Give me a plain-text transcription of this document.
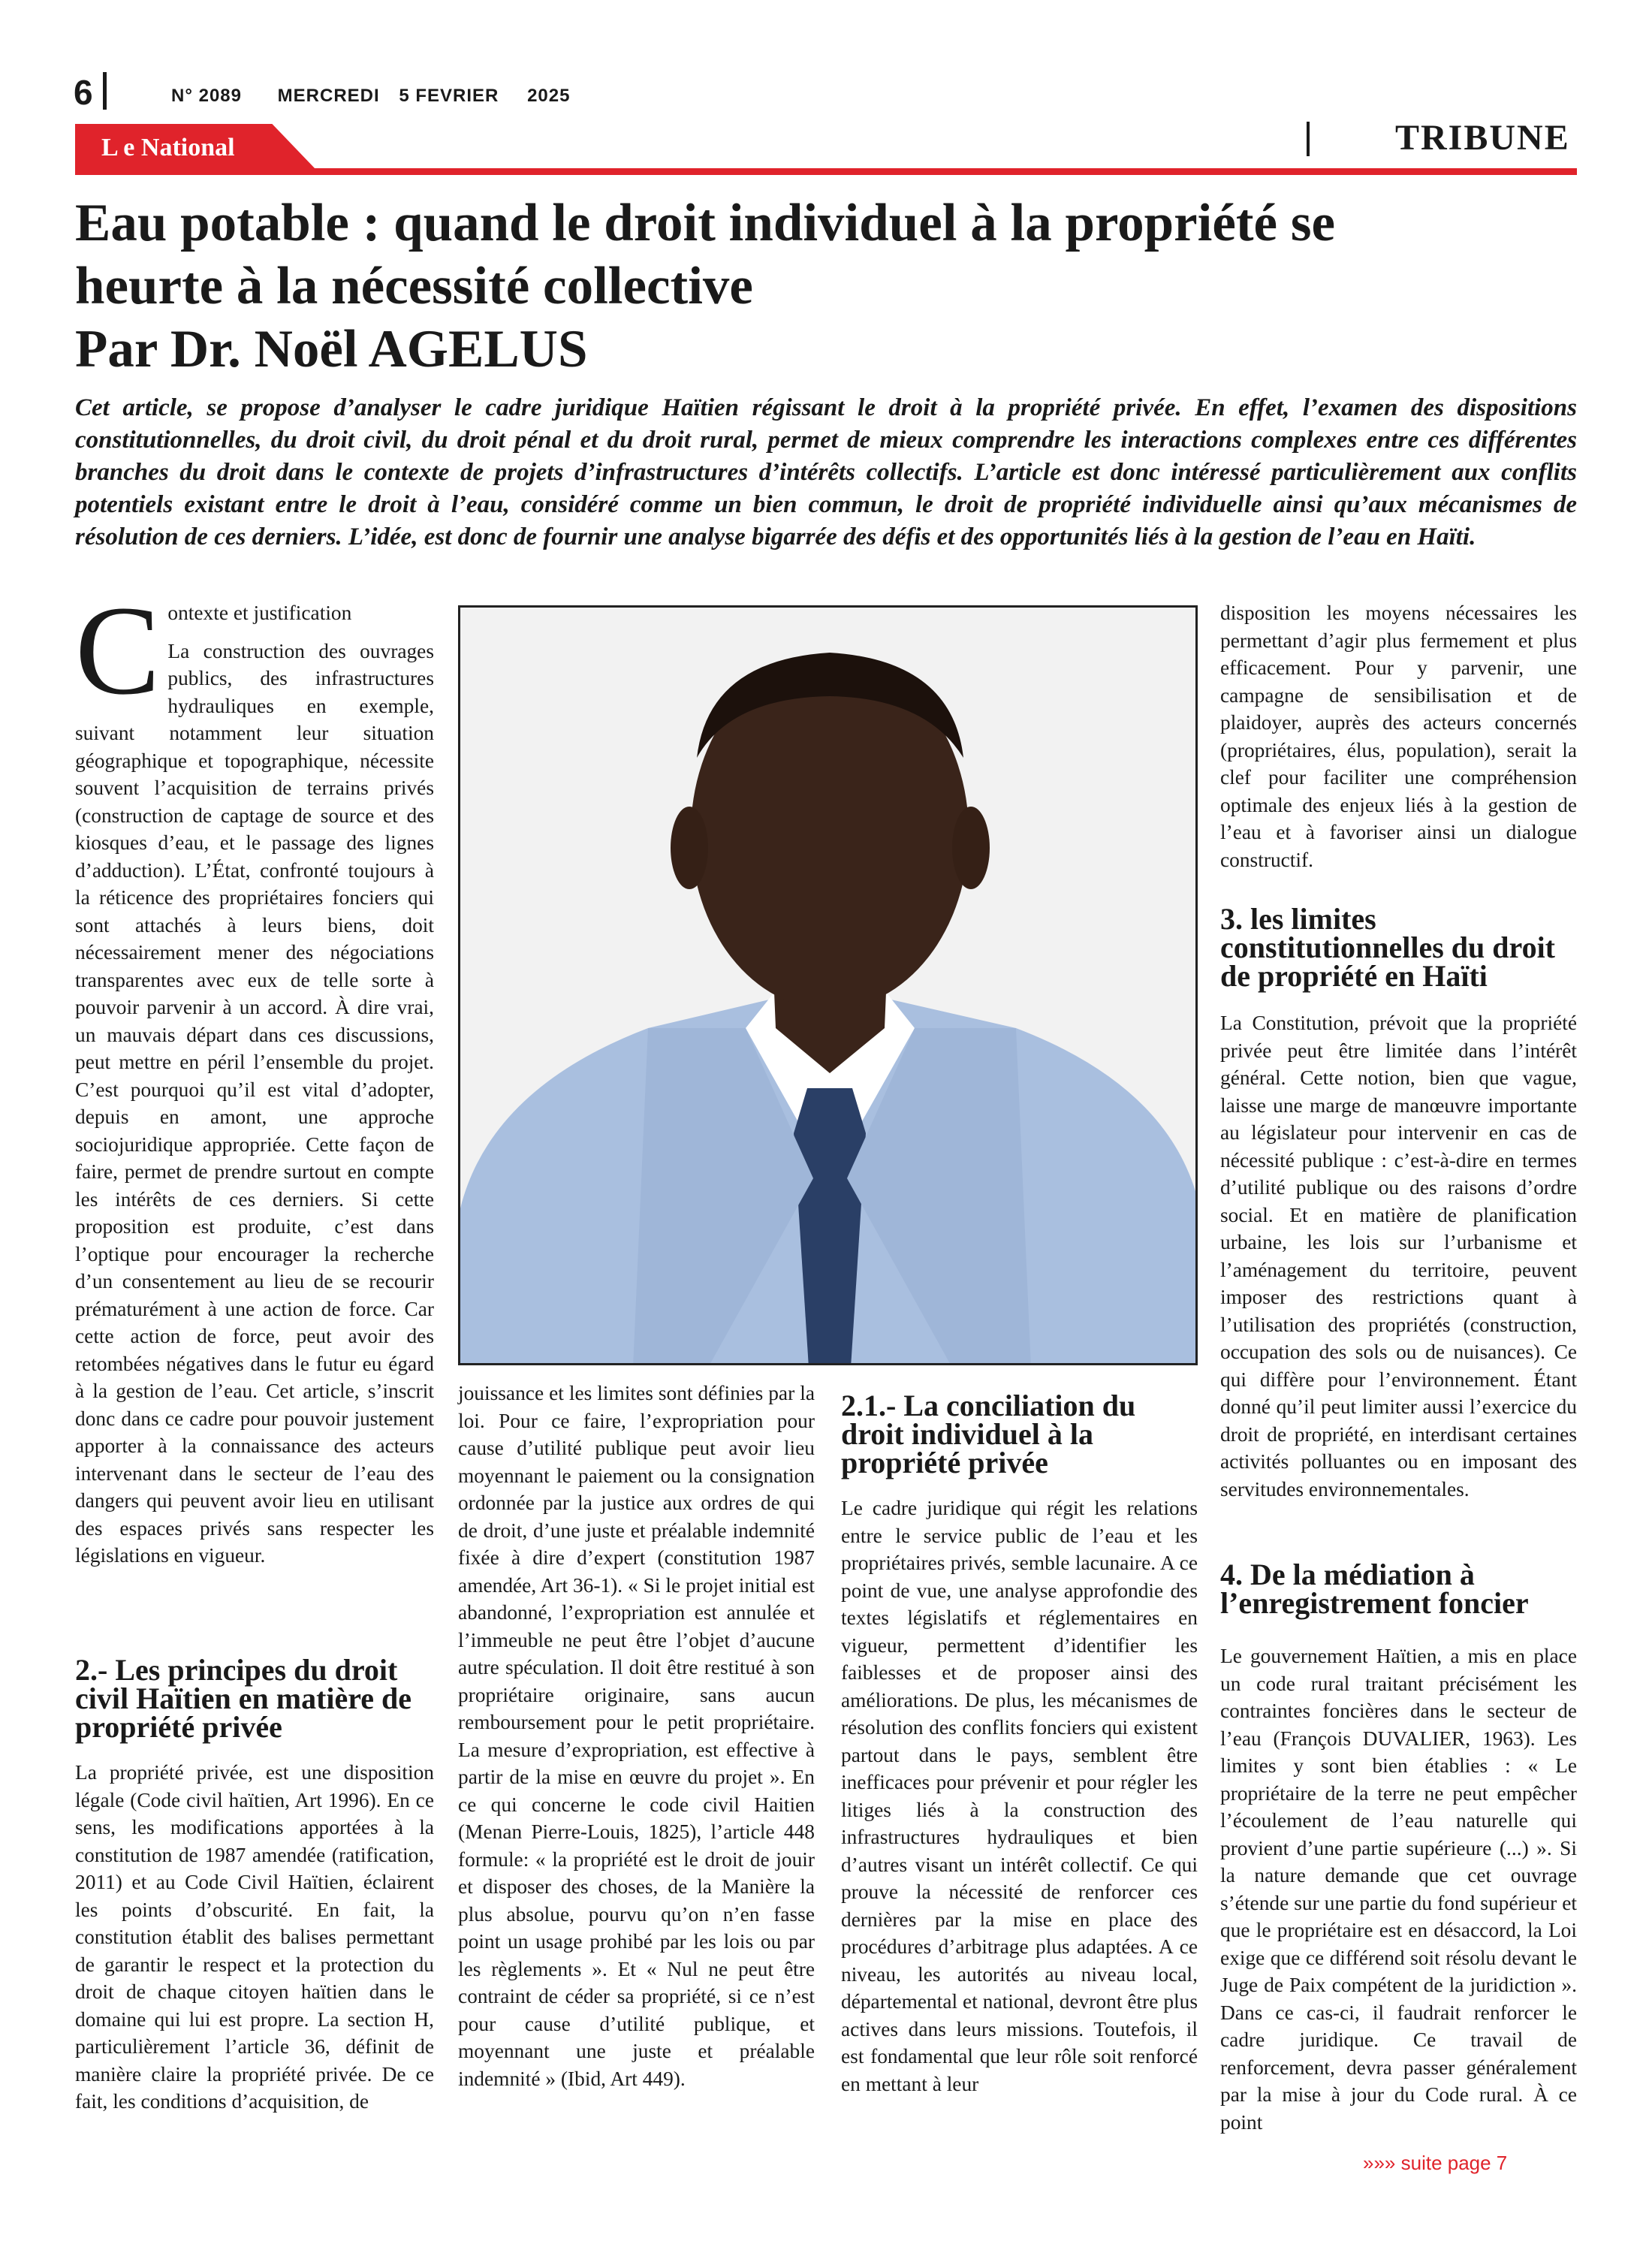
6	N° 2089 MERCREDI 5 FEVRIER 2025
L e National	TRIBUNE
Eau potable : quand le droit individuel à la propriété se
heurte à la nécessité collective
Par Dr. Noël AGELUS
Cet article, se propose d’analyser le cadre juridique Haïtien régissant le droit à la propriété privée. En effet, l’examen des dispositions constitutionnelles, du droit civil, du droit pénal et du droit rural, permet de mieux comprendre les interactions complexes entre ces différentes branches du droit dans le contexte de projets d’infrastructures d’intérêts collectifs. L’article est donc intéressé particulièrement aux conflits potentiels existant entre le droit à l’eau, considéré comme un bien commun, le droit de propriété individuelle ainsi qu’aux mécanismes de résolution de ces derniers. L’idée, est donc de fournir une analyse bigarrée des défis et des opportunités liés à la gestion de l’eau en Haïti.
C ontexte et justification

La construction des ouvrages publics, des infrastructures hydrauliques en exemple, suivant notamment leur situation géographique et topographique, nécessite souvent l’acquisition de terrains privés (construction de captage de source et des kiosques d’eau, et le passage des lignes d’adduction). L’État, confronté toujours à la réticence des propriétaires fonciers qui sont attachés à leurs biens, doit nécessairement mener des négociations transparentes avec eux de telle sorte à pouvoir parvenir à un accord. À dire vrai, un mauvais départ dans ces discussions, peut mettre en péril l’ensemble du projet. C’est pourquoi qu’il est vital d’adopter, depuis en amont, une approche sociojuridique appropriée. Cette façon de faire, permet de prendre surtout en compte les intérêts de ces derniers. Si cette proposition est produite, c’est dans l’optique pour encourager la recherche d’un consentement au lieu de se recourir prématurément à une action de force. Car cette action de force, peut avoir des retombées négatives dans le futur eu égard à la gestion de l’eau. Cet article, s’inscrit donc dans ce cadre pour pouvoir justement apporter à la connaissance des acteurs intervenant dans le secteur de l’eau des dangers qui peuvent avoir lieu en utilisant des espaces privés sans respecter les législations en vigueur.

2.- Les principes du droit civil Haïtien en matière de propriété privée
La propriété privée, est une disposition légale (Code civil haïtien, Art 1996). En ce sens, les modifications apportées à la constitution de 1987 amendée (ratification, 2011) et au Code Civil Haïtien, éclairent les points d’obscurité. En fait, la constitution établit des balises permettant de garantir le respect et la protection du droit de chaque citoyen haïtien dans le domaine qui lui est propre. La section H, particulièrement l’article 36, définit de manière claire la propriété privée. De ce fait, les conditions d’acquisition, de
jouissance et les limites sont définies par la loi. Pour ce faire, l’expropriation pour cause d’utilité publique peut avoir lieu moyennant le paiement ou la consignation ordonnée par la justice aux ordres de qui de droit, d’une juste et préalable indemnité fixée à dire d’expert (constitution 1987 amendée, Art 36-1). « Si le projet initial est abandonné, l’expropriation est annulée et l’immeuble ne peut être l’objet d’aucune autre spéculation. Il doit être restitué à son propriétaire originaire, sans aucun remboursement pour le petit propriétaire. La mesure d’expropriation, est effective à partir de la mise en œuvre du projet ». En ce qui concerne le code civil Haitien (Menan Pierre-Louis, 1825), l’article 448 formule: « la propriété est le droit de jouir et disposer des choses, de la Manière la plus absolue, pourvu qu’on n’en fasse point un usage prohibé par les lois ou par les règlements ». Et « Nul ne peut être contraint de céder sa propriété, si ce n’est pour cause d’utilité publique, et moyennant une juste et préalable indemnité » (Ibid, Art 449).
2.1.- La conciliation du droit individuel à la propriété privée
Le cadre juridique qui régit les relations entre le service public de l’eau et les propriétaires privés, semble lacunaire. A ce point de vue, une analyse approfondie des textes législatifs et réglementaires en vigueur, permettent d’identifier les faiblesses et de proposer ainsi des améliorations. De plus, les mécanismes de résolution des conflits fonciers qui existent partout dans le pays, semblent être inefficaces pour prévenir et pour régler les litiges liés à la construction des infrastructures hydrauliques et bien d’autres visant un intérêt collectif. Ce qui prouve la nécessité de renforcer ces dernières par la mise en place des procédures d’arbitrage plus adaptées. A ce niveau, les autorités au niveau local, départemental et national, devront être plus actives dans leurs missions. Toutefois, il est fondamental que leur rôle soit renforcé en mettant à leur
disposition les moyens nécessaires les permettant d’agir plus fermement et plus efficacement. Pour y parvenir, une campagne de sensibilisation et de plaidoyer, auprès des acteurs concernés (propriétaires, élus, population), serait la clef pour faciliter une compréhension optimale des enjeux liés à la gestion de l’eau et à favoriser ainsi un dialogue constructif.
3. les limites constitutionnelles du droit de propriété en Haïti
La Constitution, prévoit que la propriété privée peut être limitée dans l’intérêt général. Cette notion, bien que vague, laisse une marge de manœuvre importante au législateur pour intervenir en cas de nécessité publique : c’est-à-dire en termes d’utilité publique ou des raisons d’ordre social. Et en matière de planification urbaine, les lois sur l’urbanisme et l’aménagement du territoire, peuvent imposer des restrictions quant à l’utilisation des propriétés (construction, occupation des sols ou de nuisances). Ce qui diffère pour l’environnement. Étant donné qu’il peut limiter aussi l’exercice du droit de propriété, en interdisant certaines activités polluantes ou en imposant des servitudes environnementales.
4. De la médiation à l’enregistrement foncier
Le gouvernement Haïtien, a mis en place un code rural traitant précisément les contraintes foncières dans le secteur de l’eau (François DUVALIER, 1963). Les limites y sont bien établies : « Le propriétaire de la terre ne peut empêcher l’écoulement de l’eau naturelle qui provient d’une partie supérieure (...) ». Si la nature demande que cet ouvrage s’étende sur une partie du fond supérieur et que le propriétaire est en désaccord, la Loi exige que ce différend soit résolu devant le Juge de Paix compétent de la juridiction ». Dans ce cas-ci, il faudrait renforcer le cadre juridique. Ce travail de renforcement, devra passer généralement par la mise à jour du Code rural. À ce point
»»» suite page 7
